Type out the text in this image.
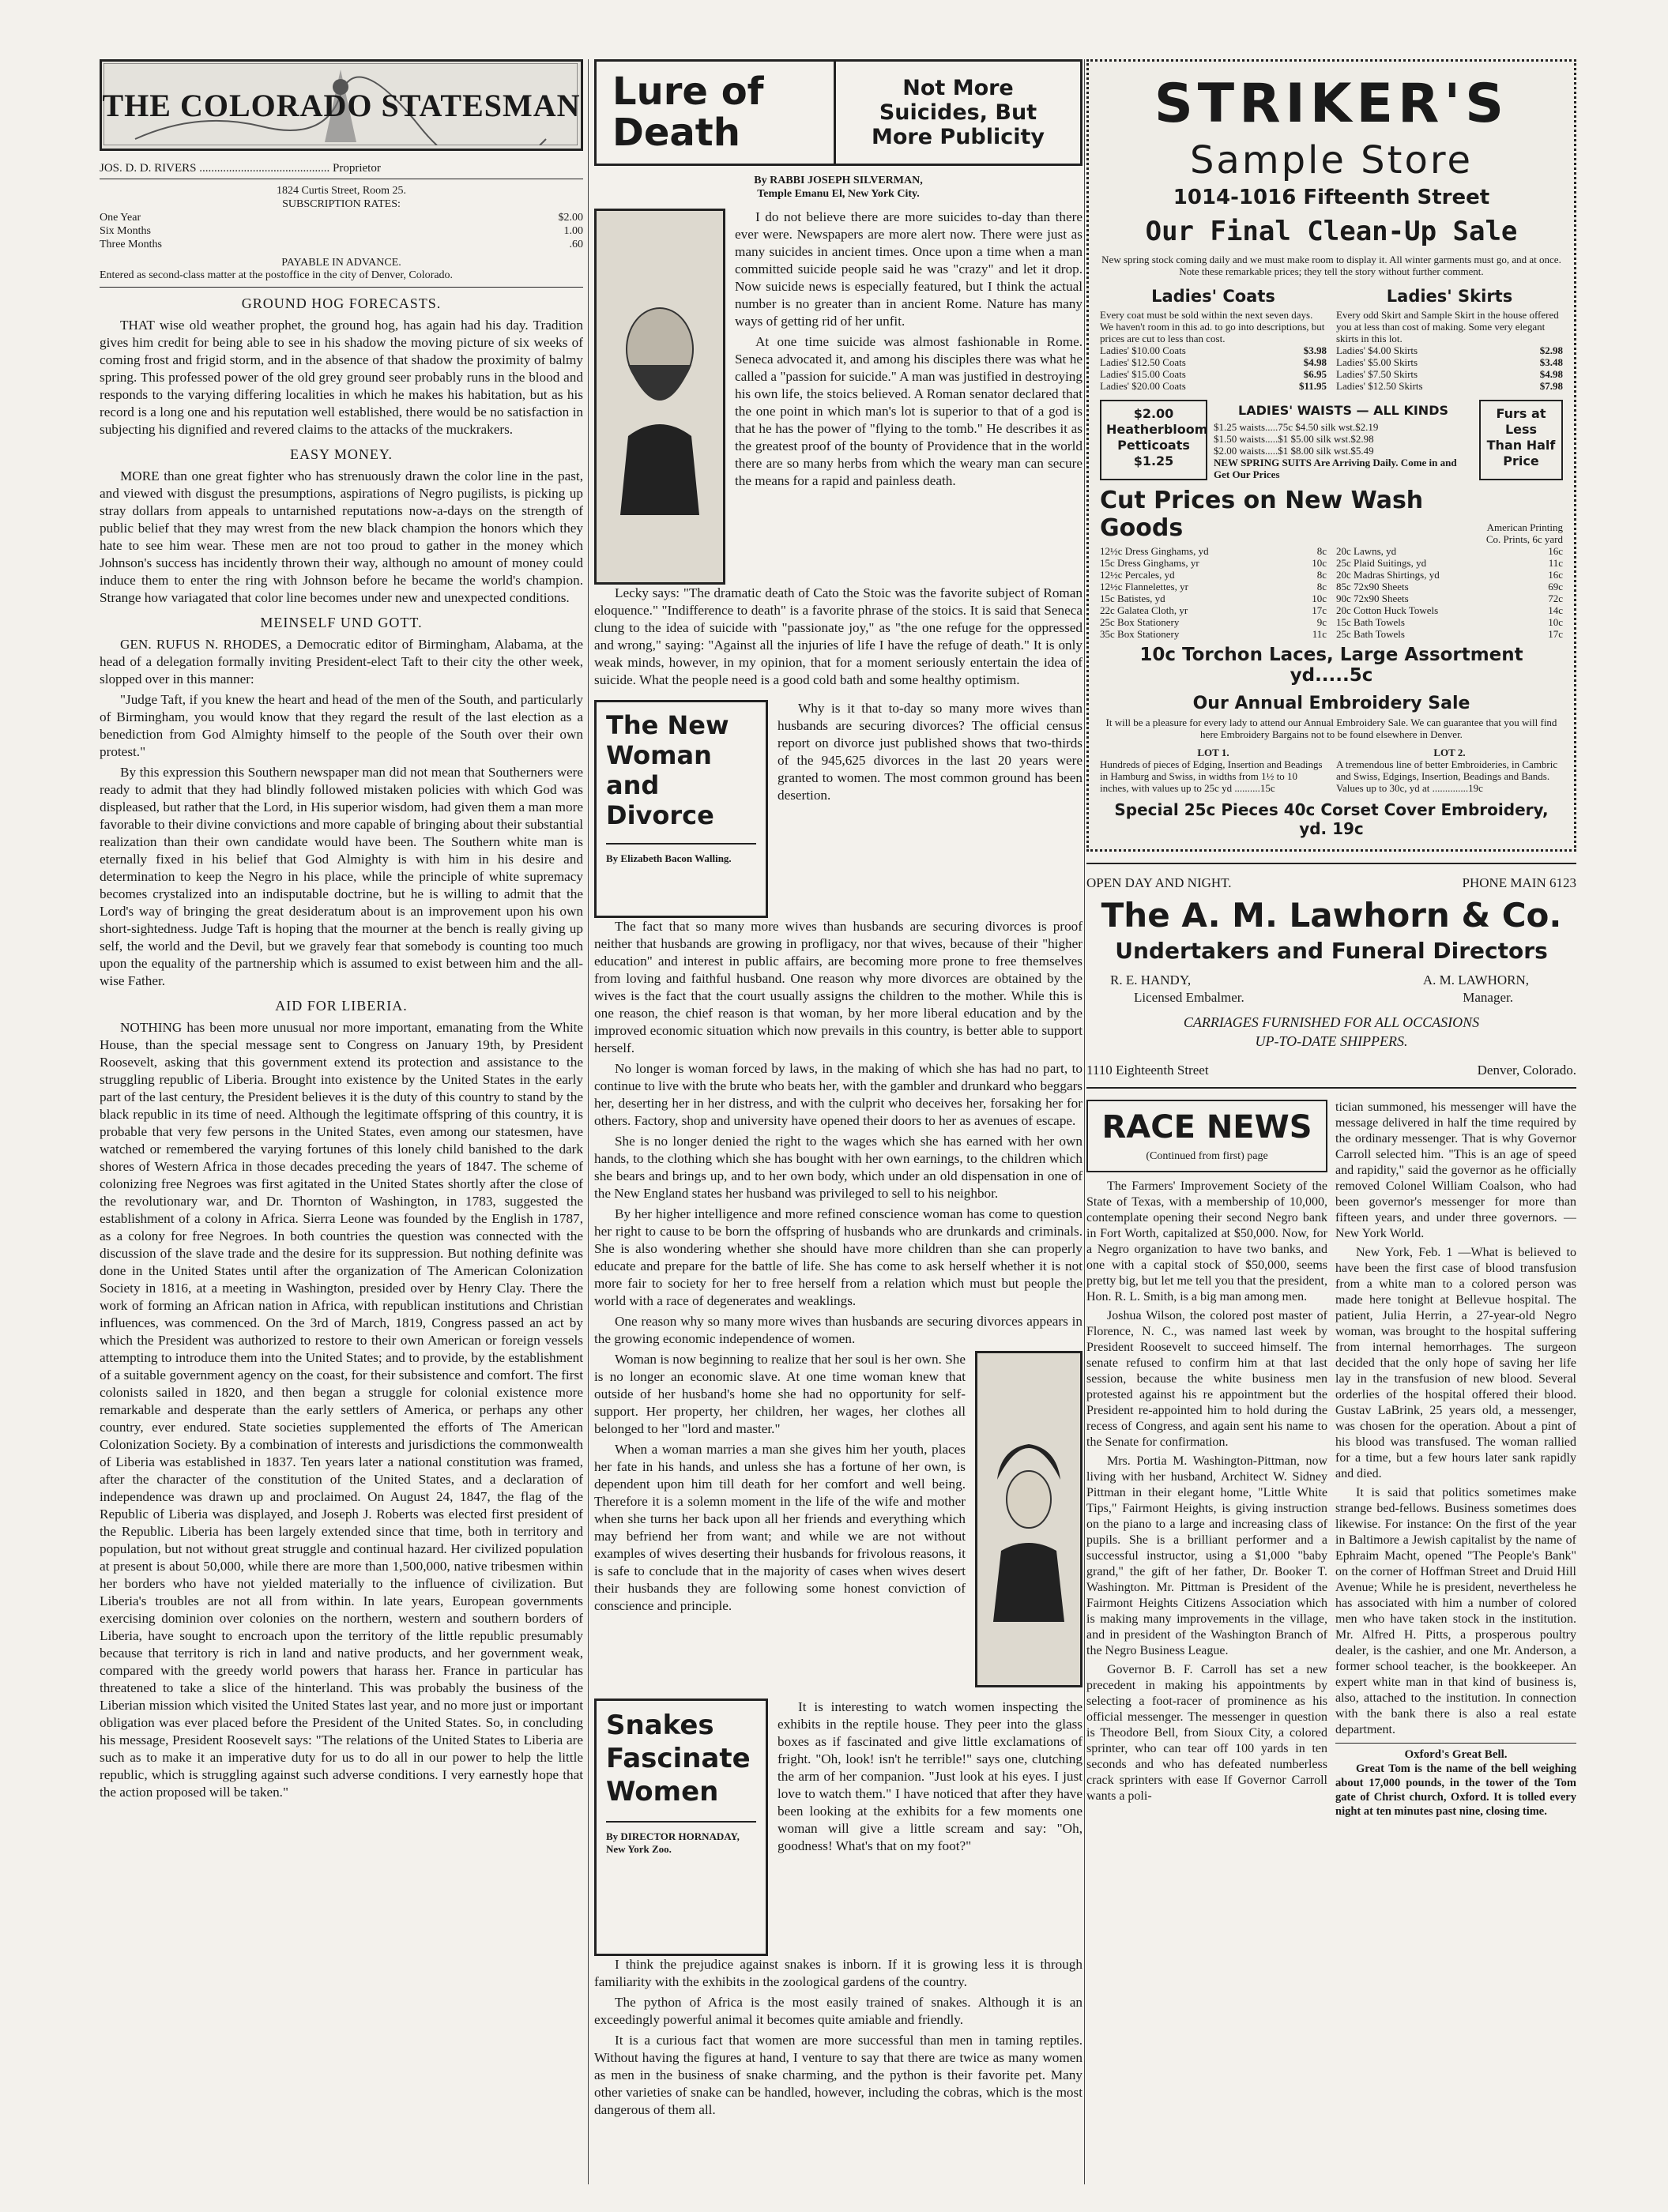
THE COLORADO STATESMAN
JOS. D. D. RIVERS ............................................ Proprietor
1824 Curtis Street, Room 25.
SUBSCRIPTION RATES:
One Year	$2.00
Six Months	1.00
Three Months	.60
PAYABLE IN ADVANCE.
Entered as second-class matter at the postoffice in the city of Denver, Colorado.
GROUND HOG FORECASTS.

THAT wise old weather prophet, the ground hog, has again had his day. Tradition gives him credit for being able to see in his shadow the moving picture of six weeks of coming frost and frigid storm, and in the absence of that shadow the proximity of balmy spring. This professed power of the old grey ground seer probably runs in the blood and responds to the varying differing localities in which he makes his habitation, but as his record is a long one and his reputation well established, there would be no satisfaction in subjecting his dignified and revered claims to the attacks of the muckrakers.

EASY MONEY.

MORE than one great fighter who has strenuously drawn the color line in the past, and viewed with disgust the presumptions, aspirations of Negro pugilists, is picking up stray dollars from appeals to untarnished reputations now-a-days on the strength of public belief that they may wrest from the new black champion the honors which they hate to see him wear. These men are not too proud to gather in the money which Johnson's success has incidently thrown their way, although no amount of money could induce them to enter the ring with Johnson before he became the world's champion. Strange how variagated that color line becomes under new and unexpected conditions.

MEINSELF UND GOTT.

GEN. RUFUS N. RHODES, a Democratic editor of Birmingham, Alabama, at the head of a delegation formally inviting President-elect Taft to their city the other week, slopped over in this manner:

"Judge Taft, if you knew the heart and head of the men of the South, and particularly of Birmingham, you would know that they regard the result of the last election as a benediction from God Almighty himself to the people of the South over their own protest."

By this expression this Southern newspaper man did not mean that Southerners were ready to admit that they had blindly followed mistaken policies with which God was displeased, but rather that the Lord, in His superior wisdom, had given them a man more favorable to their divine convictions and more capable of bringing about their substantial realization than their own candidate would have been. The Southern white man is eternally fixed in his belief that God Almighty is with him in his desire and determination to keep the Negro in his place, while the principle of white supremacy becomes crystalized into an indisputable doctrine, but he is willing to admit that the Lord's way of bringing the great desideratum about is an improvement upon his own short-sightedness. Judge Taft is hoping that the mourner at the bench is really giving up self, the world and the Devil, but we gravely fear that somebody is counting too much upon the equality of the partnership which is assumed to exist between him and the all-wise Father.

AID FOR LIBERIA.

NOTHING has been more unusual nor more important, emanating from the White House, than the special message sent to Congress on January 19th, by President Roosevelt, asking that this government extend its protection and assistance to the struggling republic of Liberia. Brought into existence by the United States in the early part of the last century, the President believes it is the duty of this country to stand by the black republic in its time of need. Although the legitimate offspring of this country, it is probable that very few persons in the United States, even among our statesmen, have watched or remembered the varying fortunes of this lonely child banished to the dark shores of Western Africa in those decades preceding the years of 1847. The scheme of colonizing free Negroes was first agitated in the United States shortly after the close of the revolutionary war, and Dr. Thornton of Washington, in 1783, suggested the establishment of a colony in Africa. Sierra Leone was founded by the English in 1787, as a colony for free Negroes. In both countries the question was connected with the discussion of the slave trade and the desire for its suppression. But nothing definite was done in the United States until after the organization of The American Colonization Society in 1816, at a meeting in Washington, presided over by Henry Clay. There the work of forming an African nation in Africa, with republican institutions and Christian influences, was commenced. On the 3rd of March, 1819, Congress passed an act by which the President was authorized to restore to their own American or foreign vessels attempting to introduce them into the United States; and to provide, by the establishment of a suitable government agency on the coast, for their subsistence and comfort. The first colonists sailed in 1820, and then began a struggle for colonial existence more remarkable and desperate than the early settlers of America, or perhaps any other country, ever endured. State societies supplemented the efforts of The American Colonization Society. By a combination of interests and jurisdictions the commonwealth of Liberia was established in 1837. Ten years later a national constitution was framed, after the character of the constitution of the United States, and a declaration of independence was drawn up and proclaimed. On August 24, 1847, the flag of the Republic of Liberia was displayed, and Joseph J. Roberts was elected first president of the Republic. Liberia has been largely extended since that time, both in territory and population, but not without great struggle and continual hazard. Her civilized population at present is about 50,000, while there are more than 1,500,000, native tribesmen within her borders who have not yielded materially to the influence of civilization. But Liberia's troubles are not all from within. In late years, European governments exercising dominion over colonies on the northern, western and southern borders of Liberia, have sought to encroach upon the territory of the little republic presumably because that territory is rich in land and native products, and her government weak, compared with the greedy world powers that harass her. France in particular has threatened to take a slice of the hinterland. This was probably the business of the Liberian mission which visited the United States last year, and no more just or important obligation was ever placed before the President of the United States. So, in concluding his message, President Roosevelt says: "The relations of the United States to Liberia are such as to make it an imperative duty for us to do all in our power to help the little republic, which is struggling against such adverse conditions. I very earnestly hope that the action proposed will be taken."

Lure of Death
Not More Suicides, But More Publicity
By RABBI JOSEPH SILVERMAN,
Temple Emanu El, New York City.

I do not believe there are more suicides to-day than there ever were. Newspapers are more alert now. There were just as many suicides in ancient times. Once upon a time when a man committed suicide people said he was "crazy" and let it drop. Now suicide news is especially featured, but I think the actual number is no greater than in ancient Rome. Nature has many ways of getting rid of her unfit.

At one time suicide was almost fashionable in Rome. Seneca advocated it, and among his disciples there was what he called a "passion for suicide." A man was justified in destroying his own life, the stoics believed. A Roman senator declared that the one point in which man's lot is superior to that of a god is that he has the power of "flying to the tomb." He describes it as the greatest proof of the bounty of Providence that in the world there are so many herbs from which the weary man can secure the means for a rapid and painless death.

Lecky says: "The dramatic death of Cato the Stoic was the favorite subject of Roman eloquence." "Indifference to death" is a favorite phrase of the stoics. It is said that Seneca clung to the idea of suicide with "passionate joy," as "the one refuge for the oppressed and wrong," saying: "Against all the injuries of life I have the refuge of death." It is only weak minds, however, in my opinion, that for a moment seriously entertain the idea of suicide. What the people need is a good cold bath and some healthy optimism.

The New Woman and Divorce
By Elizabeth Bacon Walling.

Why is it that to-day so many more wives than husbands are securing divorces? The official census report on divorce just published shows that two-thirds of the 945,625 divorces in the last 20 years were granted to women. The most common ground has been desertion.

The fact that so many more wives than husbands are securing divorces is proof neither that husbands are growing in profligacy, nor that wives, because of their "higher education" and interest in public affairs, are becoming more prone to free themselves from loving and faithful husband. One reason why more divorces are obtained by the wives is the fact that the court usually assigns the children to the mother. While this is one reason, the chief reason is that woman, by her more liberal education and by the improved economic situation which now prevails in this country, is better able to support herself.

No longer is woman forced by laws, in the making of which she has had no part, to continue to live with the brute who beats her, with the gambler and drunkard who beggars her, deserting her in her distress, and with the culprit who deceives her, forsaking her for others. Factory, shop and university have opened their doors to her as avenues of escape.

She is no longer denied the right to the wages which she has earned with her own hands, to the clothing which she has bought with her own earnings, to the children which she bears and brings up, and to her own body, which under an old dispensation in one of the New England states her husband was privileged to sell to his neighbor.

By her higher intelligence and more refined conscience woman has come to question her right to cause to be born the offspring of husbands who are drunkards and criminals. She is also wondering whether she should have more children than she can properly educate and prepare for the battle of life. She has come to ask herself whether it is not more fair to society for her to free herself from a relation which must but people the world with a race of degenerates and weaklings.

One reason why so many more wives than husbands are securing divorces appears in the growing economic independence of women.

Woman is now beginning to realize that her soul is her own. She is no longer an economic slave. At one time woman knew that outside of her husband's home she had no opportunity for self-support. Her property, her children, her wages, her clothes all belonged to her "lord and master."

When a woman marries a man she gives him her youth, places her fate in his hands, and unless she has a fortune of her own, is dependent upon him till death for her comfort and well being. Therefore it is a solemn moment in the life of the wife and mother when she turns her back upon all her friends and everything which may befriend her from want; and while we are not without examples of wives deserting their husbands for frivolous reasons, it is safe to conclude that in the majority of cases when wives desert their husbands they are following some honest conviction of conscience and principle.

Snakes Fascinate Women
By DIRECTOR HORNADAY,
New York Zoo.

It is interesting to watch women inspecting the exhibits in the reptile house. They peer into the glass boxes as if fascinated and give little exclamations of fright. "Oh, look! isn't he terrible!" says one, clutching the arm of her companion. "Just look at his eyes. I just love to watch them." I have noticed that after they have been looking at the exhibits for a few moments one woman will give a little scream and say: "Oh, goodness! What's that on my foot?"

I think the prejudice against snakes is inborn. If it is growing less it is through familiarity with the exhibits in the zoological gardens of the country.

The python of Africa is the most easily trained of snakes. Although it is an exceedingly powerful animal it becomes quite amiable and friendly.

It is a curious fact that women are more successful than men in taming reptiles. Without having the figures at hand, I venture to say that there are twice as many women as men in the business of snake charming, and the python is their favorite pet. Many other varieties of snake can be handled, however, including the cobras, which is the most dangerous of them all.

STRIKER'S
Sample Store
1014-1016 Fifteenth Street
Our Final Clean-Up Sale
New spring stock coming daily and we must make room to display it. All winter garments must go, and at once. Note these remarkable prices; they tell the story without further comment.
Ladies' Coats
Every coat must be sold within the next seven days. We haven't room in this ad. to go into descriptions, but prices are cut to less than cost.
Ladies' $10.00 Coats	$3.98
Ladies' $12.50 Coats	$4.98
Ladies' $15.00 Coats	$6.95
Ladies' $20.00 Coats	$11.95
Ladies' Skirts
Every odd Skirt and Sample Skirt in the house offered you at less than cost of making. Some very elegant skirts in this lot.
Ladies' $4.00 Skirts	$2.98
Ladies' $5.00 Skirts	$3.48
Ladies' $7.50 Skirts	$4.98
Ladies' $12.50 Skirts	$7.98
$2.00 Heatherbloom Petticoats $1.25
LADIES' WAISTS — ALL KINDS
$1.25 waists.....75c $4.50 silk wst.$2.19
$1.50 waists.....$1 $5.00 silk wst.$2.98
$2.00 waists.....$1 $8.00 silk wst.$5.49
NEW SPRING SUITS Are Arriving Daily. Come in and Get Our Prices
Furs at Less Than Half Price
Cut Prices on New Wash Goods	American Printing Co. Prints, 6c yard
12½c Dress Ginghams, yd	8c
15c Dress Ginghams, yr	10c
12½c Percales, yd	8c
12½c Flannelettes, yr	8c
15c Batistes, yd	10c
22c Galatea Cloth, yr	17c
25c Box Stationery	9c
35c Box Stationery	11c
20c Lawns, yd	16c
25c Plaid Suitings, yd	11c
20c Madras Shirtings, yd	16c
85c 72x90 Sheets	69c
90c 72x90 Sheets	72c
20c Cotton Huck Towels	14c
15c Bath Towels	10c
25c Bath Towels	17c
10c Torchon Laces, Large Assortment yd.....5c
Our Annual Embroidery Sale
It will be a pleasure for every lady to attend our Annual Embroidery Sale. We can guarantee that you will find here Embroidery Bargains not to be found elsewhere in Denver.
LOT 1.
Hundreds of pieces of Edging, Insertion and Beadings in Hamburg and Swiss, in widths from 1½ to 10 inches, with values up to 25c yd ..........15c
LOT 2.
A tremendous line of better Embroideries, in Cambric and Swiss, Edgings, Insertion, Beadings and Bands. Values up to 30c, yd at ..............19c
Special 25c Pieces 40c Corset Cover Embroidery, yd. 19c
OPEN DAY AND NIGHT.	PHONE MAIN 6123
The A. M. Lawhorn & Co.
Undertakers and Funeral Directors
R. E. HANDY,	A. M. LAWHORN,
Licensed Embalmer.	Manager.
CARRIAGES FURNISHED FOR ALL OCCASIONS
UP-TO-DATE SHIPPERS.
1110 Eighteenth Street	Denver, Colorado.
RACE NEWS
(Continued from first) page

The Farmers' Improvement Society of the State of Texas, with a membership of 10,000, contemplate opening their second Negro bank in Fort Worth, capitalized at $50,000. Now, for a Negro organization to have two banks, and one with a capital stock of $50,000, seems pretty big, but let me tell you that the president, Hon. R. L. Smith, is a big man among men.

Joshua Wilson, the colored post master of Florence, N. C., was named last week by President Roosevelt to succeed himself. The senate refused to confirm him at that last session, because the white business men protested against his re appointment but the President re-appointed him to hold during the recess of Congress, and again sent his name to the Senate for confirmation.

Mrs. Portia M. Washington-Pittman, now living with her husband, Architect W. Sidney Pittman in their elegant home, "Little White Tips," Fairmont Heights, is giving instruction on the piano to a large and increasing class of pupils. She is a brilliant performer and a successful instructor, using a $1,000 "baby grand," the gift of her father, Dr. Booker T. Washington. Mr. Pittman is President of the Fairmont Heights Citizens Association which is making many improvements in the village, and in president of the Washington Branch of the Negro Business League.

Governor B. F. Carroll has set a new precedent in making his appointments by selecting a foot-racer of prominence as his official messenger. The messenger in question is Theodore Bell, from Sioux City, a colored sprinter, who can tear off 100 yards in ten seconds and who has defeated numberless crack sprinters with ease If Governor Carroll wants a poli-

tician summoned, his messenger will have the message delivered in half the time required by the ordinary messenger. That is why Governor Carroll selected him. "This is an age of speed and rapidity," said the governor as he officially removed Colonel William Coalson, who had been governor's messenger for more than fifteen years, and under three governors. —New York World.

New York, Feb. 1 —What is believed to have been the first case of blood transfusion from a white man to a colored person was made here tonight at Bellevue hospital. The patient, Julia Herrin, a 27-year-old Negro woman, was brought to the hospital suffering from internal hemorrhages. The surgeon decided that the only hope of saving her life lay in the transfusion of new blood. Several orderlies of the hospital offered their blood. Gustav LaBrink, 25 years old, a messenger, was chosen for the operation. About a pint of his blood was transfused. The woman rallied for a time, but a few hours later sank rapidly and died.

It is said that politics sometimes make strange bed-fellows. Business sometimes does likewise. For instance: On the first of the year in Baltimore a Jewish capitalist by the name of Ephraim Macht, opened "The People's Bank" on the corner of Hoffman Street and Druid Hill Avenue; While he is president, nevertheless he has associated with him a number of colored men who have taken stock in the institution. Mr. Alfred H. Pitts, a prosperous poultry dealer, is the cashier, and one Mr. Anderson, a former school teacher, is the bookkeeper. An expert white man in that kind of business is, also, attached to the institution. In connection with the bank there is also a real estate department.

Oxford's Great Bell.

Great Tom is the name of the bell weighing about 17,000 pounds, in the tower of the Tom gate of Christ church, Oxford. It is tolled every night at ten minutes past nine, closing time.
